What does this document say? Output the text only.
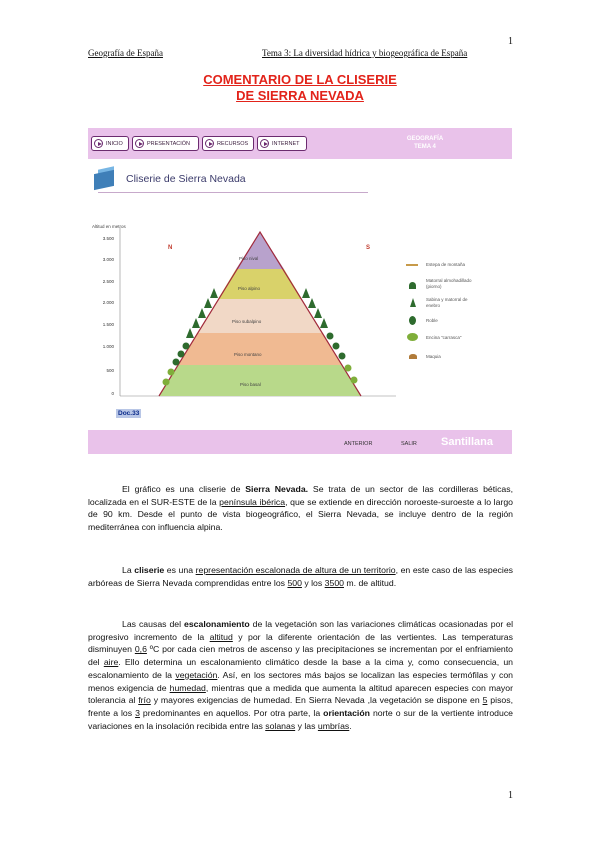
1
1
Geografía de España	Tema 3: La diversidad hídrica y biogeográfica de España
COMENTARIO DE LA CLISERIE
DE SIERRA NEVADA
INICIO	PRESENTACIÓN	RECURSOS	INTERNET
GEOGRAFÍA
TEMA 4
Cliserie de Sierra Nevada
Altitud en metros
3.500
3.000
2.500
2.000
1.500
1.000
500
0
N	S
Piso nival
Piso alpino
Piso subalpino
Piso montano
Piso basal
Estepa de montaña
Matorral almohadillado (piorno)
Sabina y matorral de enebro
Roble
Encina "carrasca"
Maquia
Doc.33
ANTERIOR	SALIR Santillana

El gráfico es una cliserie de Sierra Nevada. Se trata de un sector de las cordilleras béticas, localizada en el SUR-ESTE de la península ibérica, que se extiende en dirección noroeste-suroeste a lo largo de 90 km. Desde el punto de vista biogeográfico, el Sierra Nevada, se incluye dentro de la región mediterránea con influencia alpina.

La cliserie es una representación escalonada de altura de un territorio, en este caso de las especies arbóreas de Sierra Nevada comprendidas entre los 500 y los 3500 m. de altitud.

Las causas del escalonamiento de la vegetación son las variaciones climáticas ocasionadas por el progresivo incremento de la altitud y por la diferente orientación de las vertientes. Las temperaturas disminuyen 0,6 ºC por cada cien metros de ascenso y las precipitaciones se incrementan por el enfriamiento del aire. Ello determina un escalonamiento climático desde la base a la cima y, como consecuencia, un escalonamiento de la vegetación. Así, en los sectores más bajos se localizan las especies termófilas y con menos exigencia de humedad, mientras que a medida que aumenta la altitud aparecen especies con mayor tolerancia al frío y mayores exigencias de humedad. En Sierra Nevada ,la vegetación se dispone en 5 pisos, frente a los 3 predominantes en aquellos. Por otra parte, la orientación norte o sur de la vertiente introduce variaciones en la insolación recibida entre las solanas y las umbrías.
